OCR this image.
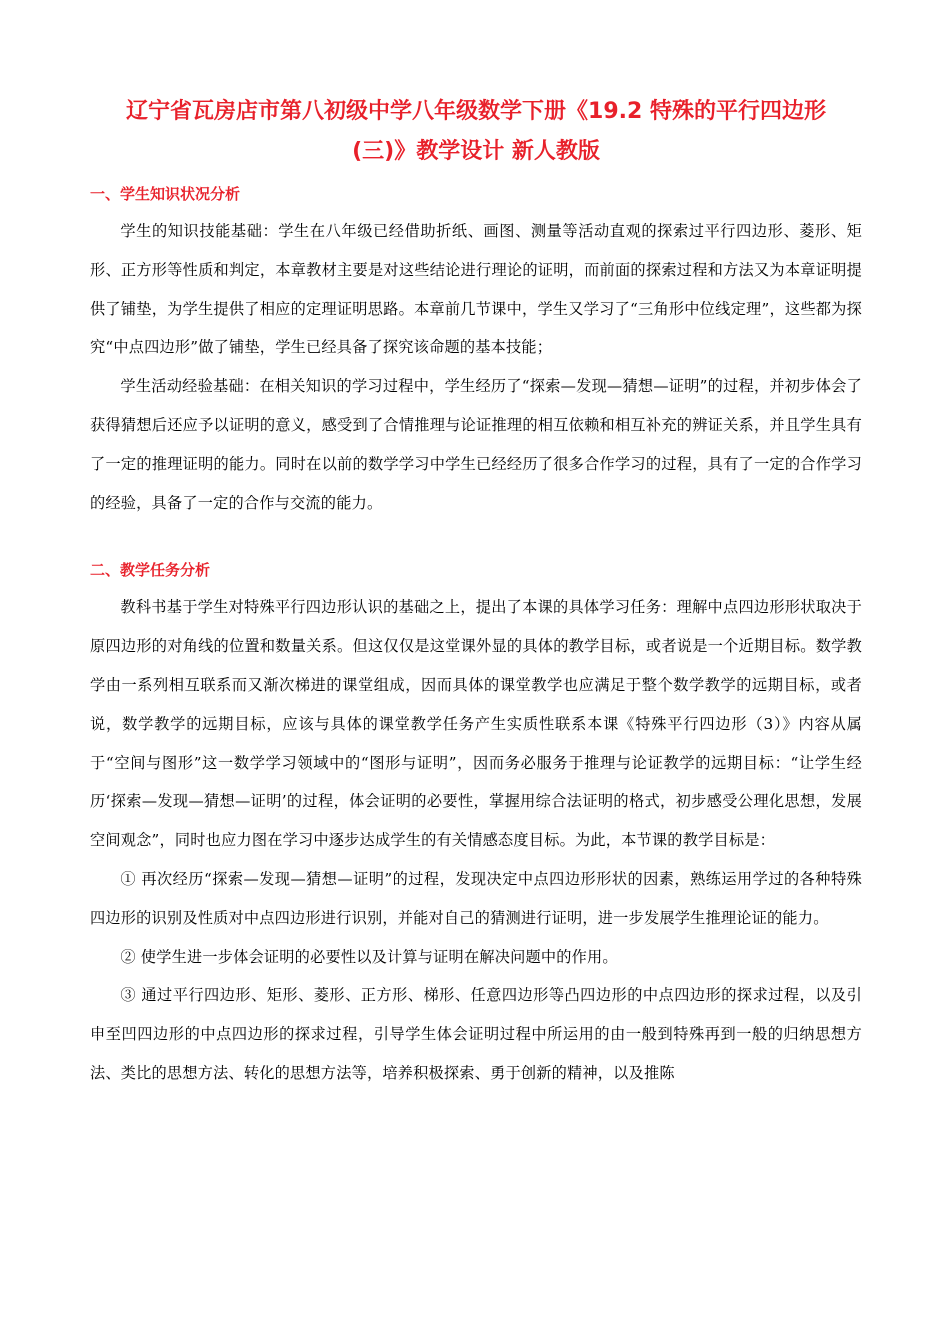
辽宁省瓦房店市第八初级中学八年级数学下册《19.2 特殊的平行四边形
(三)》教学设计 新人教版
一、学生知识状况分析

学生的知识技能基础：学生在八年级已经借助折纸、画图、测量等活动直观的探索过平行四边形、菱形、矩形、正方形等性质和判定，本章教材主要是对这些结论进行理论的证明，而前面的探索过程和方法又为本章证明提供了铺垫，为学生提供了相应的定理证明思路。本章前几节课中，学生又学习了“三角形中位线定理”，这些都为探究“中点四边形”做了铺垫，学生已经具备了探究该命题的基本技能；

学生活动经验基础：在相关知识的学习过程中，学生经历了“探索—发现—猜想—证明”的过程，并初步体会了获得猜想后还应予以证明的意义，感受到了合情推理与论证推理的相互依赖和相互补充的辨证关系，并且学生具有了一定的推理证明的能力。同时在以前的数学学习中学生已经经历了很多合作学习的过程，具有了一定的合作学习的经验，具备了一定的合作与交流的能力。

二、教学任务分析

教科书基于学生对特殊平行四边形认识的基础之上，提出了本课的具体学习任务：理解中点四边形形状取决于原四边形的对角线的位置和数量关系。但这仅仅是这堂课外显的具体的教学目标，或者说是一个近期目标。数学教学由一系列相互联系而又渐次梯进的课堂组成，因而具体的课堂教学也应满足于整个数学教学的远期目标，或者说，数学教学的远期目标，应该与具体的课堂教学任务产生实质性联系本课《特殊平行四边形（3）》内容从属于“空间与图形”这一数学学习领域中的“图形与证明”，因而务必服务于推理与论证教学的远期目标：“让学生经历‘探索—发现—猜想—证明’的过程，体会证明的必要性，掌握用综合法证明的格式，初步感受公理化思想，发展空间观念”，同时也应力图在学习中逐步达成学生的有关情感态度目标。为此，本节课的教学目标是：

① 再次经历“探索—发现—猜想—证明”的过程，发现决定中点四边形形状的因素，熟练运用学过的各种特殊四边形的识别及性质对中点四边形进行识别，并能对自己的猜测进行证明，进一步发展学生推理论证的能力。

② 使学生进一步体会证明的必要性以及计算与证明在解决问题中的作用。

③ 通过平行四边形、矩形、菱形、正方形、梯形、任意四边形等凸四边形的中点四边形的探求过程，以及引申至凹四边形的中点四边形的探求过程，引导学生体会证明过程中所运用的由一般到特殊再到一般的归纳思想方法、类比的思想方法、转化的思想方法等，培养积极探索、勇于创新的精神，以及推陈
